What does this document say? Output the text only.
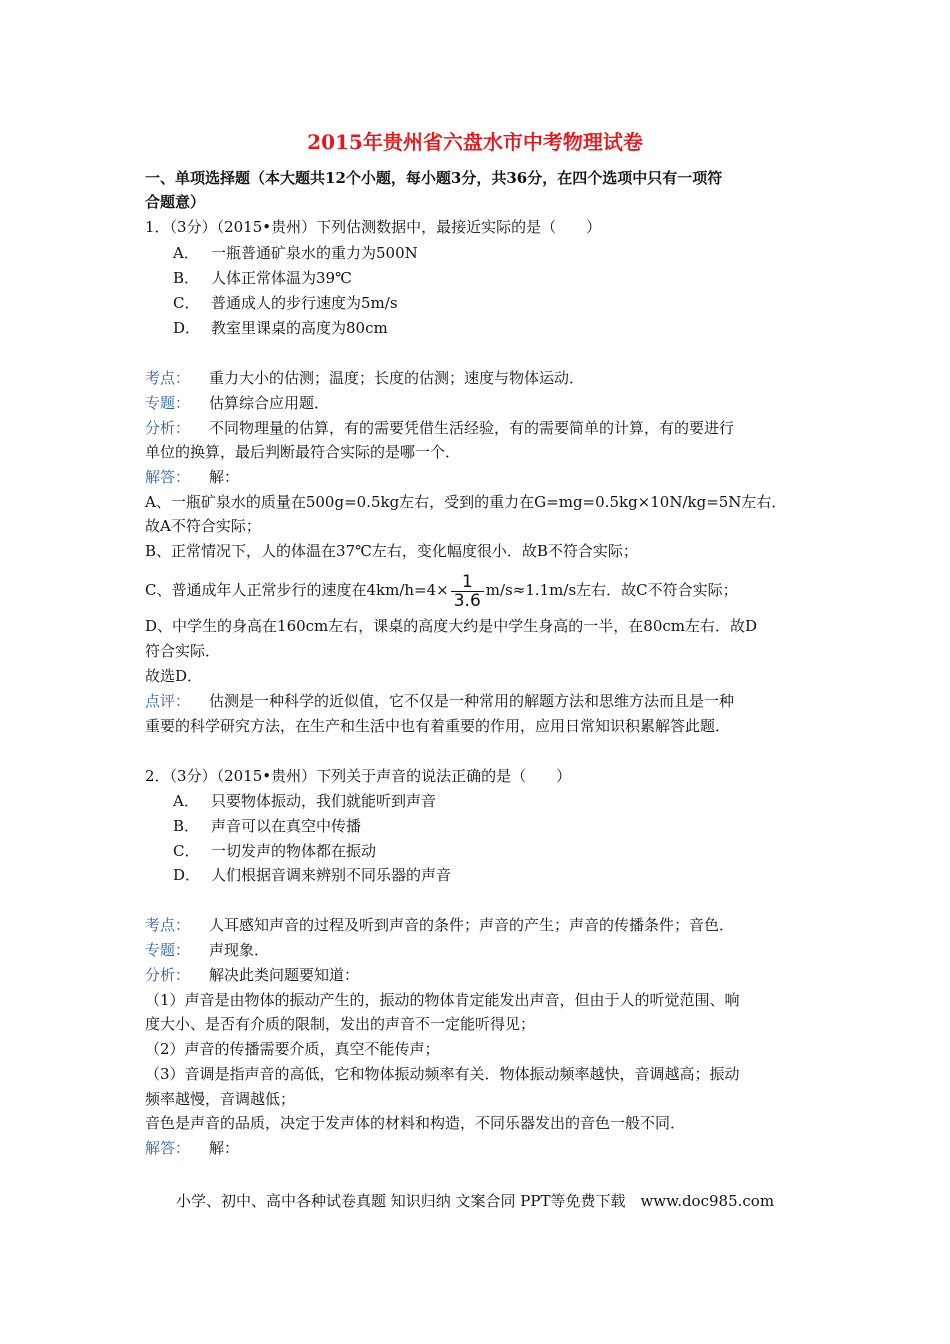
2015年贵州省六盘水市中考物理试卷
一、单项选择题（本大题共12个小题，每小题3分，共36分，在四个选项中只有一项符
合题意）
1．（3分）（2015•贵州）下列估测数据中，最接近实际的是（　　）
A． 一瓶普通矿泉水的重力为500N
B． 人体正常体温为39℃
C． 普通成人的步行速度为5m/s
D． 教室里课桌的高度为80cm
考点： 重力大小的估测；温度；长度的估测；速度与物体运动．
专题： 估算综合应用题．
分析： 不同物理量的估算，有的需要凭借生活经验，有的需要简单的计算，有的要进行
单位的换算，最后判断最符合实际的是哪一个．
解答： 解：
A、一瓶矿泉水的质量在500g=0.5kg左右，受到的重力在G=mg=0.5kg×10N/kg=5N左右．
故A不符合实际；
B、正常情况下，人的体温在37℃左右，变化幅度很小．故B不符合实际；
C、普通成年人正常步行的速度在$4km/h=4\times \frac{1}{3.6} m/s\approx 1.1m/s$左右．故C不符合实际；
D、中学生的身高在160cm左右，课桌的高度大约是中学生身高的一半，在80cm左右．故D
符合实际．
故选D．
点评： 估测是一种科学的近似值，它不仅是一种常用的解题方法和思维方法而且是一种
重要的科学研究方法，在生产和生活中也有着重要的作用，应用日常知识积累解答此题．
2．（3分）（2015•贵州）下列关于声音的说法正确的是（　　）
A． 只要物体振动，我们就能听到声音
B． 声音可以在真空中传播
C． 一切发声的物体都在振动
D． 人们根据音调来辨别不同乐器的声音
考点： 人耳感知声音的过程及听到声音的条件；声音的产生；声音的传播条件；音色．
专题： 声现象．
分析： 解决此类问题要知道：
（1）声音是由物体的振动产生的，振动的物体肯定能发出声音，但由于人的听觉范围、响
度大小、是否有介质的限制，发出的声音不一定能听得见；
（2）声音的传播需要介质，真空不能传声；
（3）音调是指声音的高低，它和物体振动频率有关．物体振动频率越快，音调越高；振动
频率越慢，音调越低；
音色是声音的品质，决定于发声体的材料和构造，不同乐器发出的音色一般不同．
解答： 解：
小学、初中、高中各种试卷真题 知识归纳 文案合同 PPT等免费下载　www.doc985.com
